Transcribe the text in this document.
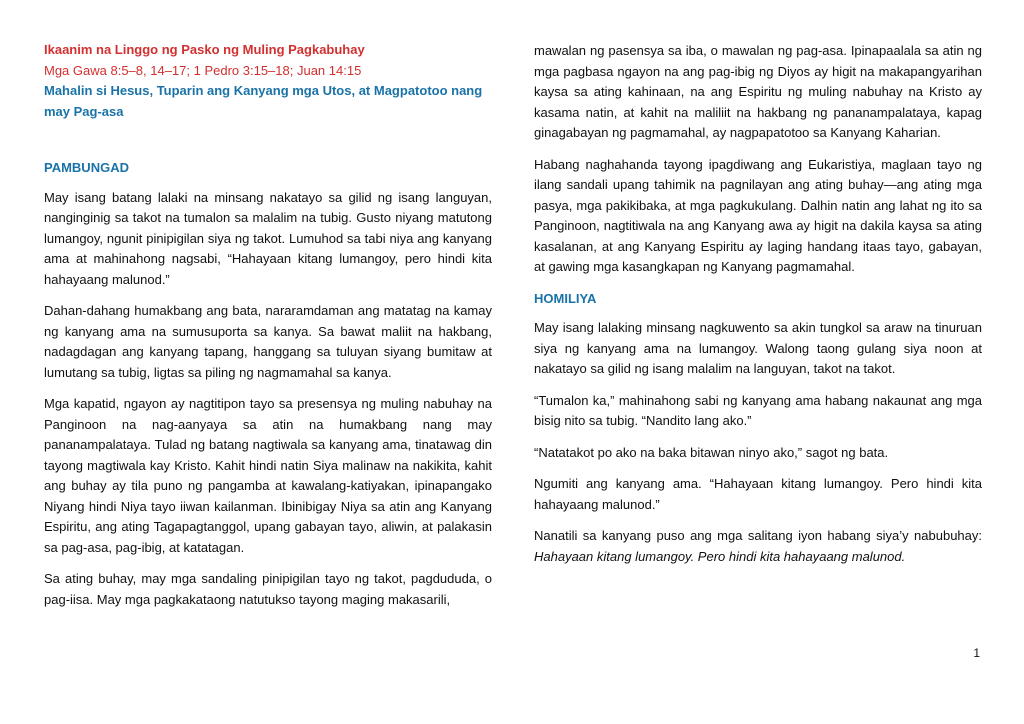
Ikaanim na Linggo ng Pasko ng Muling Pagkabuhay
Mga Gawa 8:5–8, 14–17; 1 Pedro 3:15–18; Juan 14:15
Mahalin si Hesus, Tuparin ang Kanyang mga Utos, at Magpatotoo nang may Pag-asa
PAMBUNGAD

May isang batang lalaki na minsang nakatayo sa gilid ng isang languyan, nanginginig sa takot na tumalon sa malalim na tubig. Gusto niyang matutong lumangoy, ngunit pinipigilan siya ng takot. Lumuhod sa tabi niya ang kanyang ama at mahinahong nagsabi, “Hahayaan kitang lumangoy, pero hindi kita hahayaang malunod.”

Dahan-dahang humakbang ang bata, nararamdaman ang matatag na kamay ng kanyang ama na sumusuporta sa kanya. Sa bawat maliit na hakbang, nadagdagan ang kanyang tapang, hanggang sa tuluyan siyang bumitaw at lumutang sa tubig, ligtas sa piling ng nagmamahal sa kanya.

Mga kapatid, ngayon ay nagtitipon tayo sa presensya ng muling nabuhay na Panginoon na nag-aanyaya sa atin na humakbang nang may pananampalataya. Tulad ng batang nagtiwala sa kanyang ama, tinatawag din tayong magtiwala kay Kristo. Kahit hindi natin Siya malinaw na nakikita, kahit ang buhay ay tila puno ng pangamba at kawalang-katiyakan, ipinapangako Niyang hindi Niya tayo iiwan kailanman. Ibinibigay Niya sa atin ang Kanyang Espiritu, ang ating Tagapagtanggol, upang gabayan tayo, aliwin, at palakasin sa pag-asa, pag-ibig, at katatagan.

Sa ating buhay, may mga sandaling pinipigilan tayo ng takot, pagdududa, o pag-iisa. May mga pagkakataong natutukso tayong maging makasarili,

mawalan ng pasensya sa iba, o mawalan ng pag-asa. Ipinapaalala sa atin ng mga pagbasa ngayon na ang pag-ibig ng Diyos ay higit na makapangyarihan kaysa sa ating kahinaan, na ang Espiritu ng muling nabuhay na Kristo ay kasama natin, at kahit na maliliit na hakbang ng pananampalataya, kapag ginagabayan ng pagmamahal, ay nagpapatotoo sa Kanyang Kaharian.

Habang naghahanda tayong ipagdiwang ang Eukaristiya, maglaan tayo ng ilang sandali upang tahimik na pagnilayan ang ating buhay—ang ating mga pasya, mga pakikibaka, at mga pagkukulang. Dalhin natin ang lahat ng ito sa Panginoon, nagtitiwala na ang Kanyang awa ay higit na dakila kaysa sa ating kasalanan, at ang Kanyang Espiritu ay laging handang itaas tayo, gabayan, at gawing mga kasangkapan ng Kanyang pagmamahal.

HOMILIYA

May isang lalaking minsang nagkuwento sa akin tungkol sa araw na tinuruan siya ng kanyang ama na lumangoy. Walong taong gulang siya noon at nakatayo sa gilid ng isang malalim na languyan, takot na takot.

“Tumalon ka,” mahinahong sabi ng kanyang ama habang nakaunat ang mga bisig nito sa tubig. “Nandito lang ako.”

“Natatakot po ako na baka bitawan ninyo ako,” sagot ng bata.

Ngumiti ang kanyang ama. “Hahayaan kitang lumangoy. Pero hindi kita hahayaang malunod.”

Nanatili sa kanyang puso ang mga salitang iyon habang siya’y nabubuhay: Hahayaan kitang lumangoy. Pero hindi kita hahayaang malunod.

1
